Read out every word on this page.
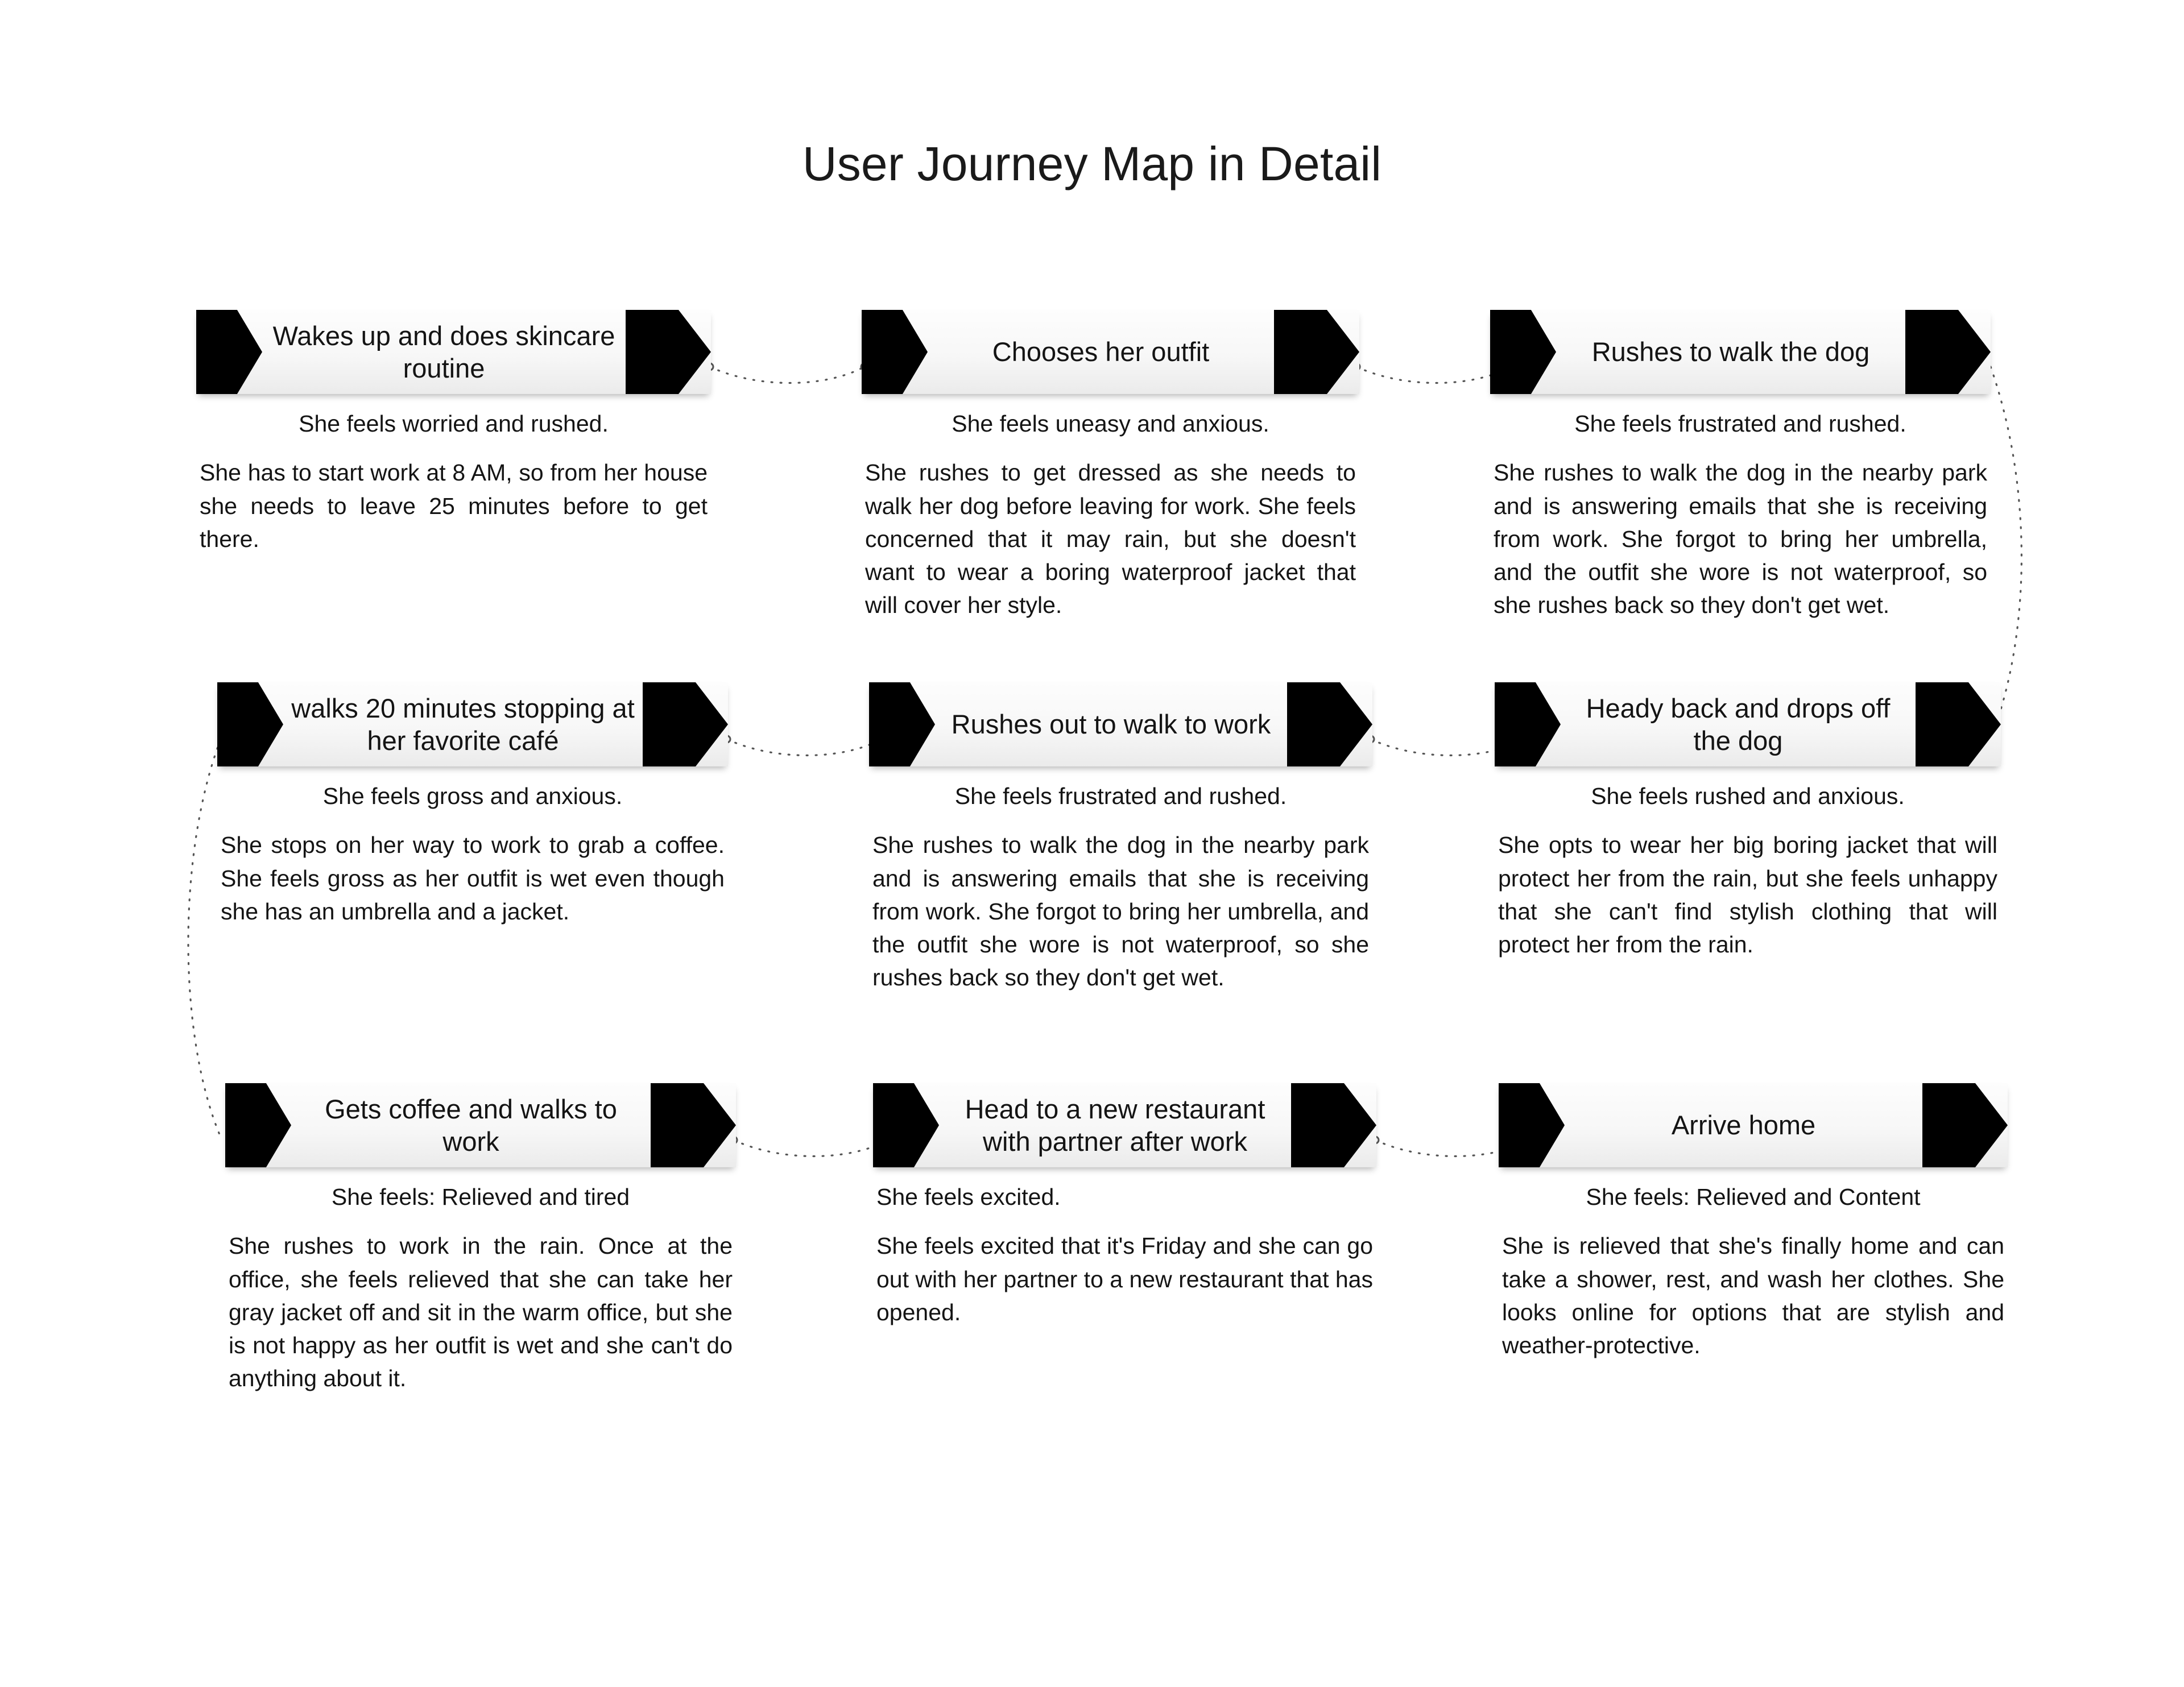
User Journey Map in Detail
Wakes up and does skincare routine
She feels worried and rushed.
She has to start work at 8 AM, so from her house she needs to leave 25 minutes before to get there.
Chooses her outfit
She feels uneasy and anxious.
She rushes to get dressed as she needs to walk her dog before leaving for work. She feels concerned that it may rain, but she doesn't want to wear a boring waterproof jacket that will cover her style.
Rushes to walk the dog
She feels frustrated and rushed.
She rushes to walk the dog in the nearby park and is answering emails that she is receiving from work. She forgot to bring her umbrella, and the outfit she wore is not waterproof, so she rushes back so they don't get wet.
walks 20 minutes stopping at her favorite café
She feels gross and anxious.
She stops on her way to work to grab a coffee. She feels gross as her outfit is wet even though she has an umbrella and a jacket.
Rushes out to walk to work
She feels frustrated and rushed.
She rushes to walk the dog in the nearby park and is answering emails that she is receiving from work. She forgot to bring her umbrella, and the outfit she wore is not waterproof, so she rushes back so they don't get wet.
Heady back and drops off the dog
She feels rushed and anxious.
She opts to wear her big boring jacket that will protect her from the rain, but she feels unhappy that she can't find stylish clothing that will protect her from the rain.
Gets coffee and walks to work
She feels: Relieved and tired
She rushes to work in the rain. Once at the office, she feels relieved that she can take her gray jacket off and sit in the warm office, but she is not happy as her outfit is wet and she can't do anything about it.
Head to a new restaurant with partner after work
She feels excited.
She feels excited that it's Friday and she can go out with her partner to a new restaurant that has opened.
Arrive home
She feels: Relieved and Content
She is relieved that she's finally home and can take a shower, rest, and wash her clothes. She looks online for options that are stylish and weather-protective.
